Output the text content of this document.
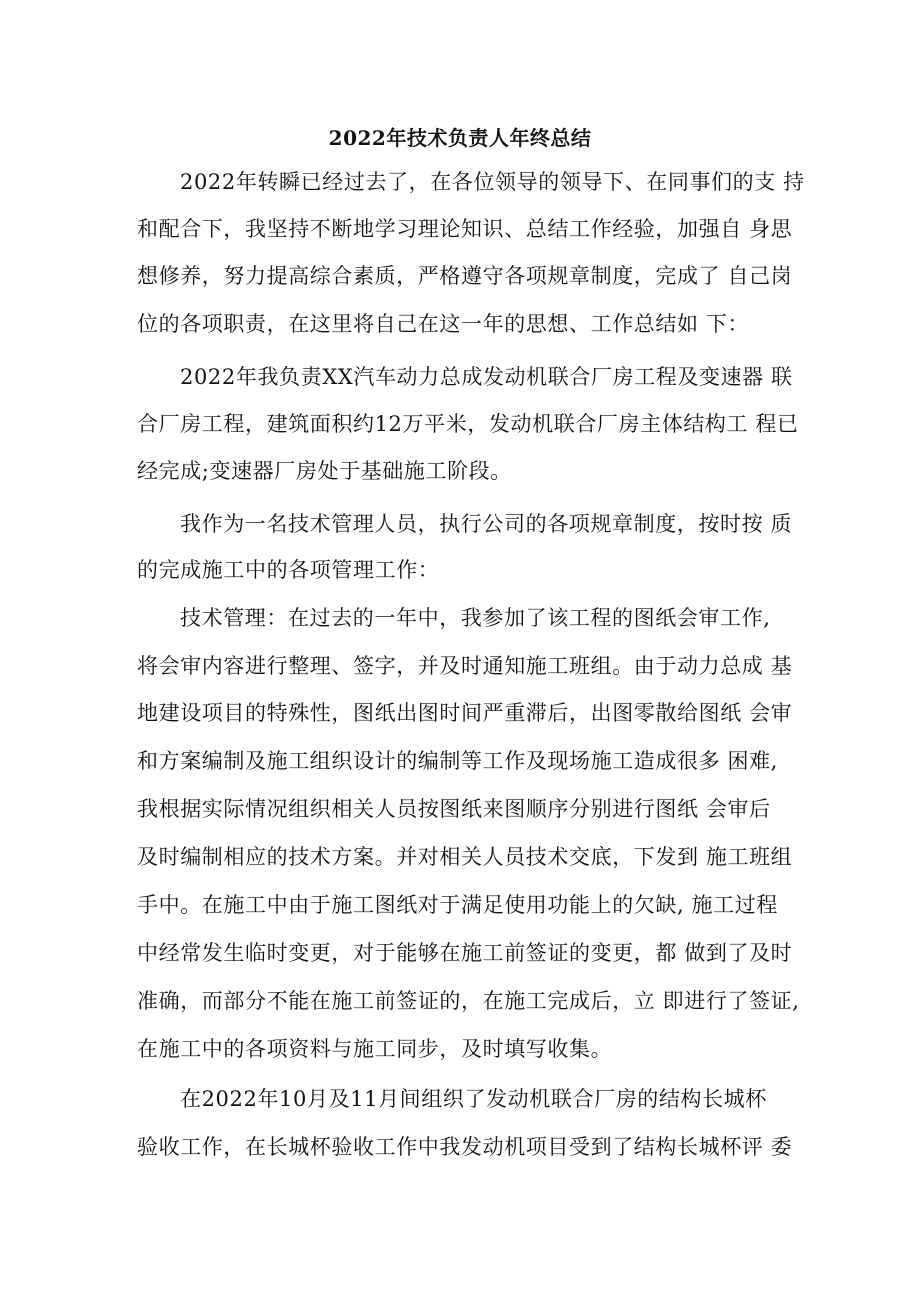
2022年技术负责人年终总结
2022年转瞬已经过去了，在各位领导的领导下、在同事们的支 持
和配合下，我坚持不断地学习理论知识、总结工作经验，加强自 身思
想修养，努力提高综合素质，严格遵守各项规章制度，完成了 自己岗
位的各项职责，在这里将自己在这一年的思想、工作总结如 下：
2022年我负责XX汽车动力总成发动机联合厂房工程及变速器 联
合厂房工程，建筑面积约12万平米，发动机联合厂房主体结构工 程已
经完成;变速器厂房处于基础施工阶段。
我作为一名技术管理人员，执行公司的各项规章制度，按时按 质
的完成施工中的各项管理工作：
技术管理：在过去的一年中，我参加了该工程的图纸会审工作,
将会审内容进行整理、签字，并及时通知施工班组。由于动力总成 基
地建设项目的特殊性，图纸出图时间严重滞后，出图零散给图纸 会审
和方案编制及施工组织设计的编制等工作及现场施工造成很多 困难,
我根据实际情况组织相关人员按图纸来图顺序分别进行图纸 会审后
及时编制相应的技术方案。并对相关人员技术交底，下发到 施工班组
手中。在施工中由于施工图纸对于满足使用功能上的欠缺, 施工过程
中经常发生临时变更，对于能够在施工前签证的变更，都 做到了及时
准确，而部分不能在施工前签证的，在施工完成后，立 即进行了签证,
在施工中的各项资料与施工同步，及时填写收集。
在2022年10月及11月间组织了发动机联合厂房的结构长城杯
验收工作，在长城杯验收工作中我发动机项目受到了结构长城杯评 委
